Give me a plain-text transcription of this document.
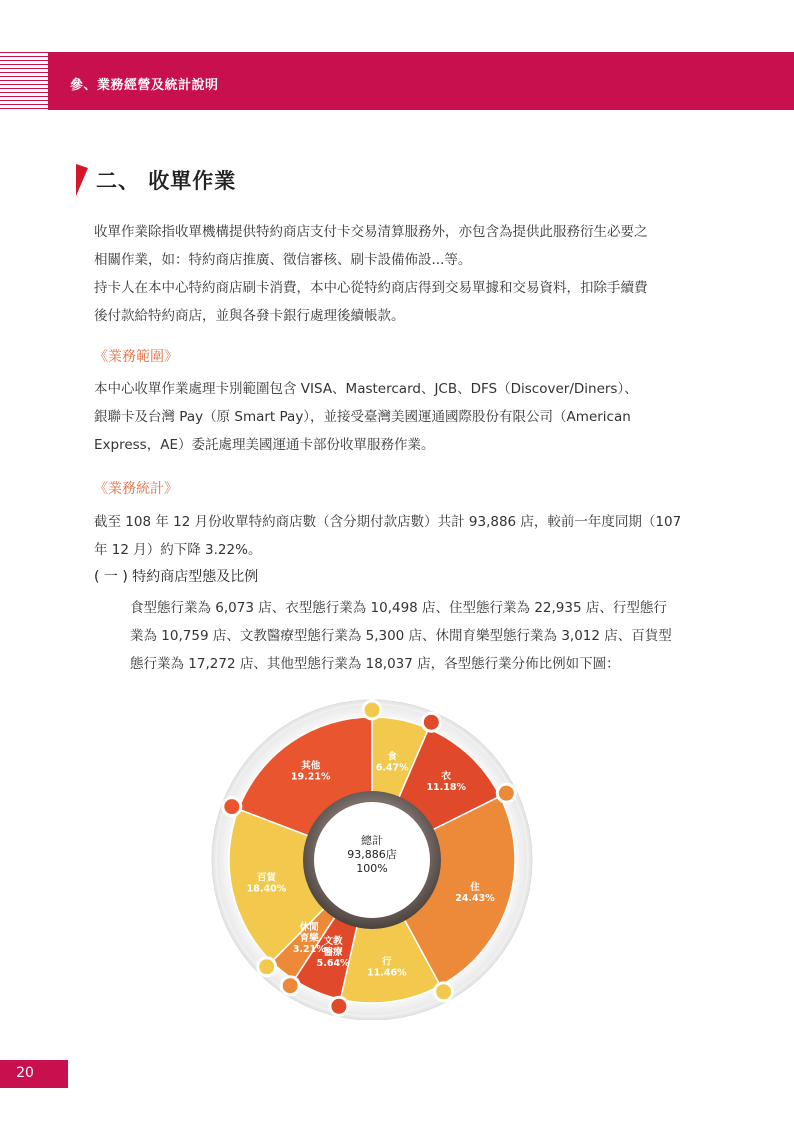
參、業務經營及統計說明
二、 收單作業

收單作業除指收單機構提供特約商店支付卡交易清算服務外，亦包含為提供此服務衍生必要之

相關作業，如：特約商店推廣、徵信審核、刷卡設備佈設...等。

持卡人在本中心特約商店刷卡消費，本中心從特約商店得到交易單據和交易資料，扣除手續費

後付款給特約商店，並與各發卡銀行處理後續帳款。

《業務範圍》

本中心收單作業處理卡別範圍包含 VISA、Mastercard、JCB、DFS（Discover/Diners）、

銀聯卡及台灣 Pay（原 Smart Pay），並接受臺灣美國運通國際股份有限公司（American

Express，AE）委託處理美國運通卡部份收單服務作業。

《業務統計》

截至 108 年 12 月份收單特約商店數（含分期付款店數）共計 93,886 店，較前一年度同期（107

年 12 月）約下降 3.22%。

( 一 ) 特約商店型態及比例

食型態行業為 6,073 店、衣型態行業為 10,498 店、住型態行業為 22,935 店、行型態行

業為 10,759 店、文教醫療型態行業為 5,300 店、休閒育樂型態行業為 3,012 店、百貨型

態行業為 17,272 店、其他型態行業為 18,037 店，各型態行業分佈比例如下圖：

總計
93,886店
100%
食 6.47%
衣 11.18%
住 24.43%
行 11.46%
文教醫療 5.64%
休閒育樂 3.21%
百貨 18.40%
其他 19.21%
20
